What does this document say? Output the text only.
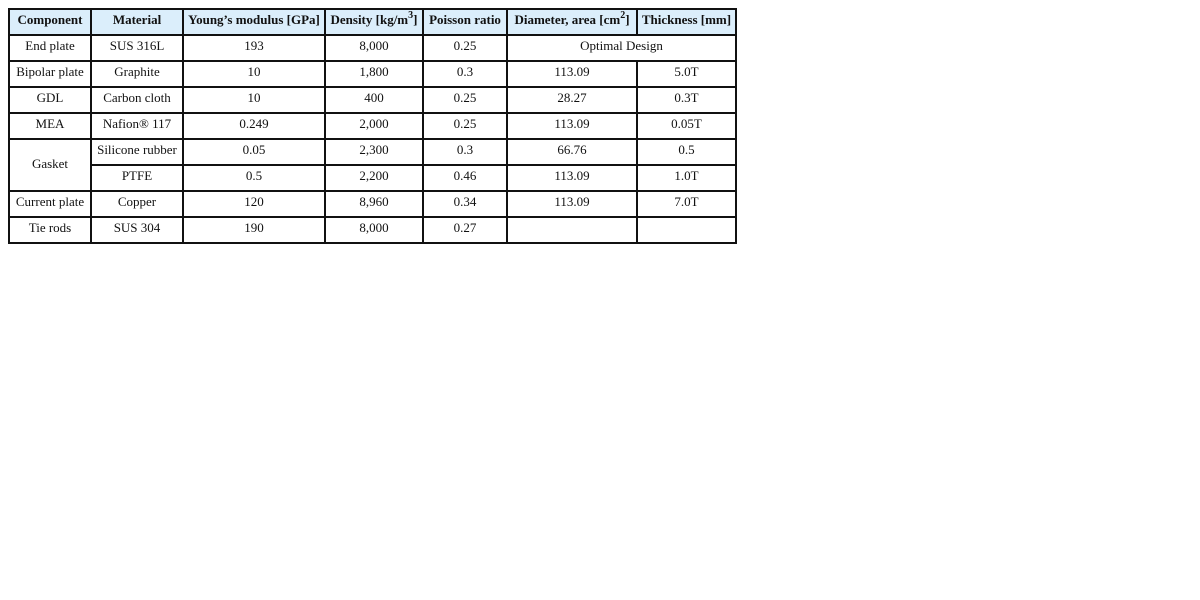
Component	Material	Young’s modulus [GPa]	Density $[kg/m^3]$	Poisson ratio	Diameter, area $[cm^2]$	Thickness [mm]
End plate	SUS 316L	193	8,000	0.25	Optimal Design	
Bipolar plate	Graphite	10	1,800	0.3	113.09	5.0T
GDL	Carbon cloth	10	400	0.25	28.27	0.3T
MEA	Nafion® 117	0.249	2,000	0.25	113.09	0.05T
Gasket	Silicone rubber	0.05	2,300	0.3	66.76	0.5
	PTFE	0.5	2,200	0.46	113.09	1.0T
Current plate	Copper	120	8,960	0.34	113.09	7.0T
Tie rods	SUS 304	190	8,000	0.27		
